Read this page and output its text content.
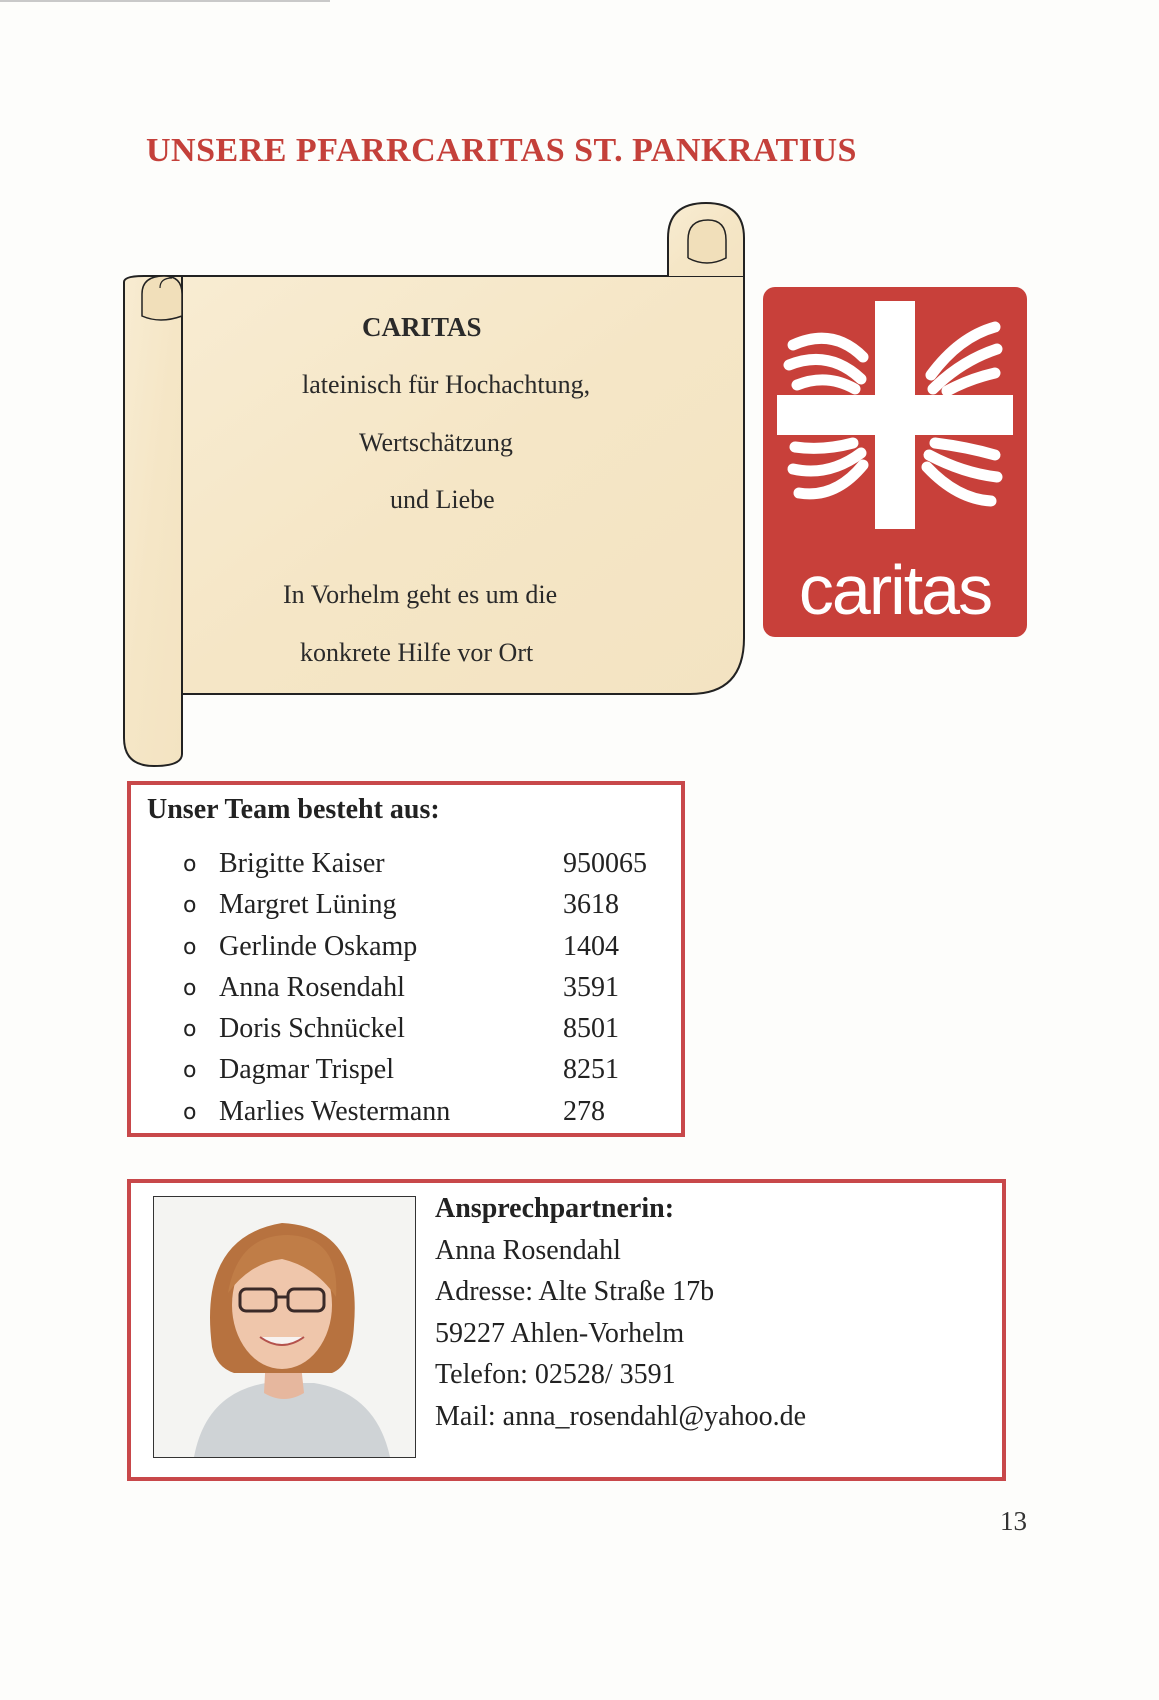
UNSERE PFARRCARITAS ST. PANKRATIUS
CARITAS
lateinisch für Hochachtung,
Wertschätzung
und Liebe
In Vorhelm geht es um die
konkrete Hilfe vor Ort
caritas
Unser Team besteht aus:
o Brigitte Kaiser	950065
o Margret Lüning	3618
o Gerlinde Oskamp	1404
o Anna Rosendahl	3591
o Doris Schnückel	8501
o Dagmar Trispel	8251
o Marlies Westermann	278
Ansprechpartnerin:
Anna Rosendahl
Adresse: Alte Straße 17b
59227 Ahlen-Vorhelm
Telefon: 02528/ 3591
Mail: anna_rosendahl@yahoo.de
13
